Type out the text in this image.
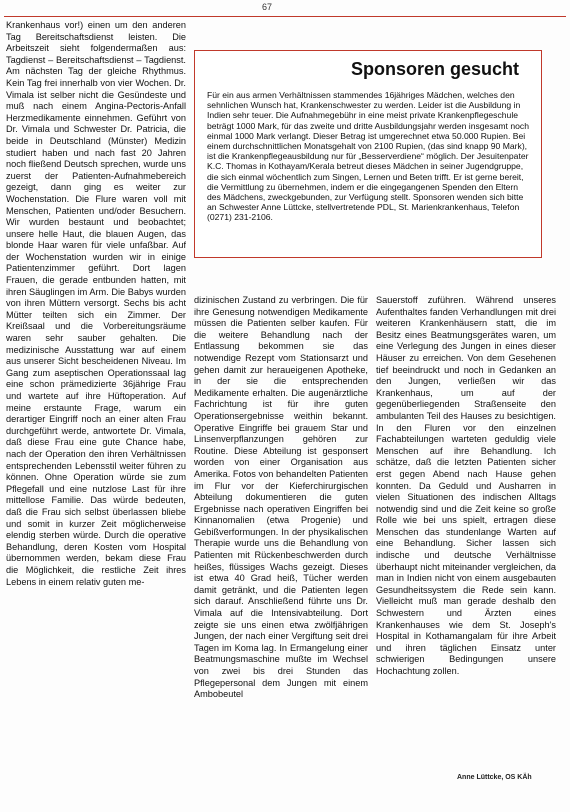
67

Krankenhaus vor!) einen um den anderen Tag Bereitschaftsdienst leisten. Die Arbeitszeit sieht folgendermaßen aus: Tagdienst – Bereitschaftsdienst – Tagdienst. Am nächsten Tag der gleiche Rhythmus. Kein Tag frei innerhalb von vier Wochen. Dr. Vimala ist selber nicht die Gesündeste und muß nach einem Angina-Pectoris-Anfall Herzmedikamente einnehmen. Geführt von Dr. Vimala und Schwester Dr. Patricia, die beide in Deutschland (Münster) Medizin studiert haben und nach fast 20 Jahren noch fließend Deutsch sprechen, wurde uns zuerst der Patienten-Aufnahmebereich gezeigt, dann ging es weiter zur Wochenstation. Die Flure waren voll mit Menschen, Patienten und/oder Besuchern. Wir wurden bestaunt und beobachtet; unsere helle Haut, die blauen Augen, das blonde Haar waren für viele unfaßbar. Auf der Wochenstation wurden wir in einige Patientenzimmer geführt. Dort lagen Frauen, die gerade entbunden hatten, mit ihren Säuglingen im Arm. Die Babys wurden von ihren Müttern versorgt. Sechs bis acht Mütter teilten sich ein Zimmer. Der Kreißsaal und die Vorbereitungsräume waren sehr sauber gehalten. Die medizinische Ausstattung war auf einem aus unserer Sicht bescheidenen Niveau. Im Gang zum aseptischen Operationssaal lag eine schon prämedizierte 36jährige Frau und wartete auf ihre Hüftoperation. Auf meine erstaunte Frage, warum ein derartiger Eingriff noch an einer alten Frau durchgeführt werde, antwortete Dr. Vimala, daß diese Frau eine gute Chance habe, nach der Operation den ihren Verhältnissen entsprechenden Lebensstil weiter führen zu können. Ohne Operation würde sie zum Pflegefall und eine nutzlose Last für ihre mittellose Familie. Das würde bedeuten, daß die Frau sich selbst überlassen bliebe und somit in kurzer Zeit möglicherweise elendig sterben würde. Durch die operative Behandlung, deren Kosten vom Hospital übernommen werden, bekam diese Frau die Möglichkeit, die restliche Zeit ihres Lebens in einem relativ guten me-

Sponsoren gesucht

Für ein aus armen Verhältnissen stammendes 16jähriges Mädchen, welches den sehnlichen Wunsch hat, Krankenschwester zu werden. Leider ist die Ausbildung in Indien sehr teuer. Die Aufnahmegebühr in eine meist private Krankenpflegeschule beträgt 1000 Mark, für das zweite und dritte Ausbildungsjahr werden insgesamt noch einmal 1000 Mark verlangt. Dieser Betrag ist umgerechnet etwa 50.000 Rupien. Bei einem durchschnittlichen Monatsgehalt von 2100 Rupien, (das sind knapp 90 Mark), ist die Krankenpflegeausbildung nur für „Besserverdiene“ möglich. Der Jesuitenpater K.C. Thomas in Kothayam/Kerala betreut dieses Mädchen in seiner Jugendgruppe, die sich einmal wöchentlich zum Singen, Lernen und Beten trifft. Er ist gerne bereit, die Vermittlung zu übernehmen, indem er die eingegangenen Spenden den Eltern des Mädchens, zweckgebunden, zur Verfügung stellt. Sponsoren wenden sich bitte an Schwester Anne Lüttcke, stellvertretende PDL, St. Marienkrankenhaus, Telefon (0271) 231-2106.

dizinischen Zustand zu verbringen. Die für ihre Genesung notwendigen Medikamente müssen die Patienten selber kaufen. Für die weitere Behandlung nach der Entlassung bekommen sie das notwendige Rezept vom Stationsarzt und gehen damit zur heraueigenen Apotheke, in der sie die entsprechenden Medikamente erhalten. Die augenärztliche Fachrichtung ist für ihre guten Operationsergebnisse weithin bekannt. Operative Eingriffe bei grauem Star und Linsenverpflanzungen gehören zur Routine. Diese Abteilung ist gesponsert worden von einer Organisation aus Amerika. Fotos von behandelten Patienten im Flur vor der Kieferchirurgischen Abteilung dokumentieren die guten Ergebnisse nach operativen Eingriffen bei Kinnanomalien (etwa Progenie) und Gebißverformungen. In der physikalischen Therapie wurde uns die Behandlung von Patienten mit Rückenbeschwerden durch heißes, flüssiges Wachs gezeigt. Dieses ist etwa 40 Grad heiß, Tücher werden damit getränkt, und die Patienten legen sich darauf. Anschließend führte uns Dr. Vimala auf die Intensivabteilung. Dort zeigte sie uns einen etwa zwölfjährigen Jungen, der nach einer Vergiftung seit drei Tagen im Koma lag. In Ermangelung einer Beatmungsmaschine mußte im Wechsel von zwei bis drei Stunden das Pflegepersonal dem Jungen mit einem Ambobeutel

Sauerstoff zuführen. Während unseres Aufenthaltes fanden Verhandlungen mit drei weiteren Krankenhäusern statt, die im Besitz eines Beatmungsgerätes waren, um eine Verlegung des Jungen in eines dieser Häuser zu erreichen. Von dem Gesehenen tief beeindruckt und noch in Gedanken an den Jungen, verließen wir das Krankenhaus, um auf der gegenüberliegenden Straßenseite den ambulanten Teil des Hauses zu besichtigen. In den Fluren vor den einzelnen Fachabteilungen warteten geduldig viele Menschen auf ihre Behandlung. Ich schätze, daß die letzten Patienten sicher erst gegen Abend nach Hause gehen konnten. Da Geduld und Ausharren in vielen Situationen des indischen Alltags notwendig sind und die Zeit keine so große Rolle wie bei uns spielt, ertragen diese Menschen das stundenlange Warten auf eine Behandlung. Sicher lassen sich indische und deutsche Verhältnisse überhaupt nicht miteinander vergleichen, da man in Indien nicht von einem ausgebauten Gesundheitssystem die Rede sein kann. Vielleicht muß man gerade deshalb den Schwestern und Ärzten eines Krankenhauses wie dem St. Joseph's Hospital in Kothamangalam für ihre Arbeit und ihren täglichen Einsatz unter schwierigen Bedingungen unsere Hochachtung zollen.

Anne Lüttcke, OS KÄh
